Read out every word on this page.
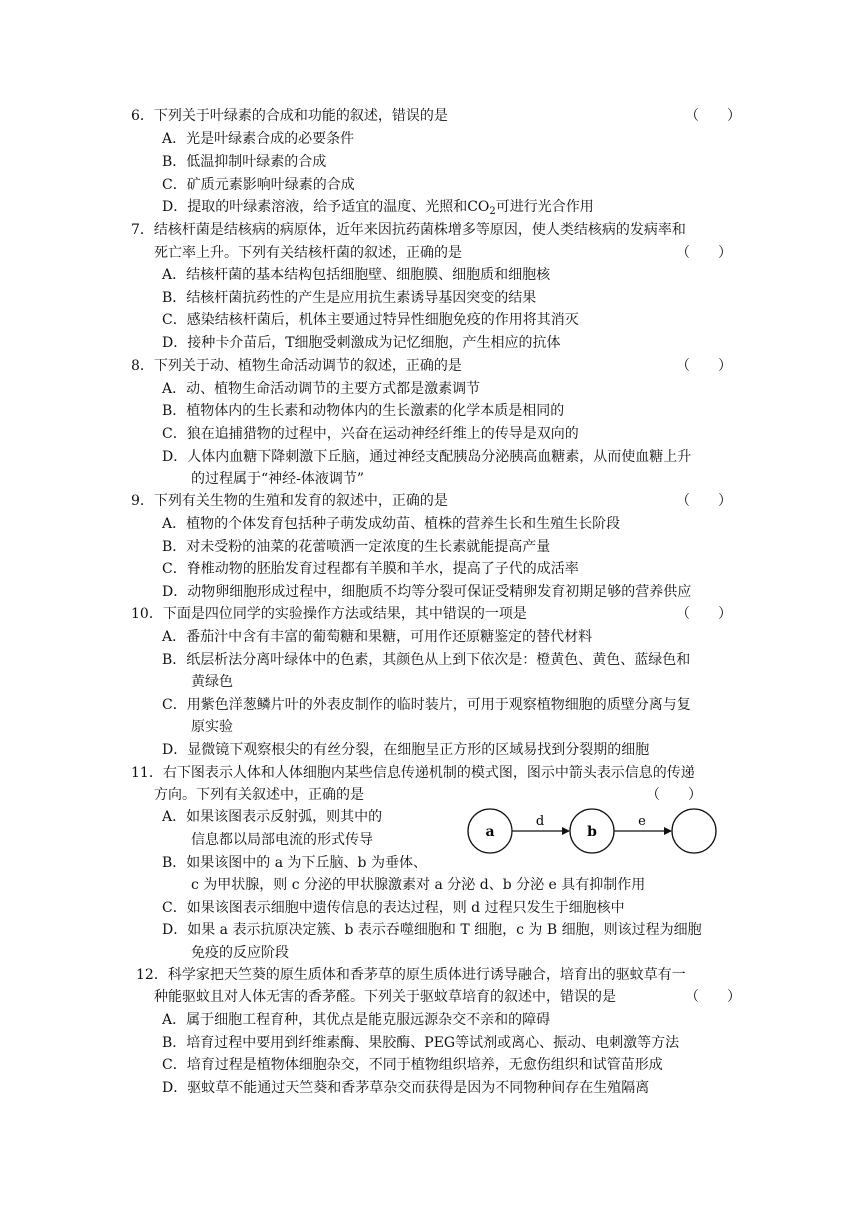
6．下列关于叶绿素的合成和功能的叙述，错误的是	（　　）
A．光是叶绿素合成的必要条件
B．低温抑制叶绿素的合成
C．矿质元素影响叶绿素的合成
D．提取的叶绿素溶液，给予适宜的温度、光照和$CO_2$可进行光合作用
7．结核杆菌是结核病的病原体，近年来因抗药菌株增多等原因，使人类结核病的发病率和
死亡率上升。下列有关结核杆菌的叙述，正确的是	（　　）
A．结核杆菌的基本结构包括细胞壁、细胞膜、细胞质和细胞核
B．结核杆菌抗药性的产生是应用抗生素诱导基因突变的结果
C．感染结核杆菌后，机体主要通过特异性细胞免疫的作用将其消灭
D．接种卡介苗后，T细胞受刺激成为记忆细胞，产生相应的抗体
8．下列关于动、植物生命活动调节的叙述，正确的是	（　　）
A．动、植物生命活动调节的主要方式都是激素调节
B．植物体内的生长素和动物体内的生长激素的化学本质是相同的
C．狼在追捕猎物的过程中，兴奋在运动神经纤维上的传导是双向的
D．人体内血糖下降刺激下丘脑，通过神经支配胰岛分泌胰高血糖素，从而使血糖上升
的过程属于“神经-体液调节”
9．下列有关生物的生殖和发育的叙述中，正确的是	（　　）
A．植物的个体发育包括种子萌发成幼苗、植株的营养生长和生殖生长阶段
B．对未受粉的油菜的花蕾喷洒一定浓度的生长素就能提高产量
C．脊椎动物的胚胎发育过程都有羊膜和羊水，提高了子代的成活率
D．动物卵细胞形成过程中，细胞质不均等分裂可保证受精卵发育初期足够的营养供应
10．下面是四位同学的实验操作方法或结果，其中错误的一项是	（　　）
A．番茄汁中含有丰富的葡萄糖和果糖，可用作还原糖鉴定的替代材料
B．纸层析法分离叶绿体中的色素，其颜色从上到下依次是：橙黄色、黄色、蓝绿色和
黄绿色
C．用紫色洋葱鳞片叶的外表皮制作的临时装片，可用于观察植物细胞的质壁分离与复
原实验
D．显微镜下观察根尖的有丝分裂，在细胞呈正方形的区域易找到分裂期的细胞
11．右下图表示人体和人体细胞内某些信息传递机制的模式图，图示中箭头表示信息的传递
方向。下列有关叙述中，正确的是	（　　）
A．如果该图表示反射弧，则其中的
信息都以局部电流的形式传导
B．如果该图中的 a 为下丘脑、b 为垂体、
c 为甲状腺，则 c 分泌的甲状腺激素对 a 分泌 d、b 分泌 e 具有抑制作用
C．如果该图表示细胞中遗传信息的表达过程，则 d 过程只发生于细胞核中
D．如果 a 表示抗原决定簇、b 表示吞噬细胞和 T 细胞，c 为 B 细胞，则该过程为细胞
免疫的反应阶段
a
d
b
e
12．科学家把天竺葵的原生质体和香茅草的原生质体进行诱导融合，培育出的驱蚊草有一
种能驱蚊且对人体无害的香茅醛。下列关于驱蚊草培育的叙述中，错误的是	（　　）
A．属于细胞工程育种，其优点是能克服远源杂交不亲和的障碍
B．培育过程中要用到纤维素酶、果胶酶、PEG等试剂或离心、振动、电刺激等方法
C．培育过程是植物体细胞杂交，不同于植物组织培养，无愈伤组织和试管苗形成
D．驱蚊草不能通过天竺葵和香茅草杂交而获得是因为不同物种间存在生殖隔离
